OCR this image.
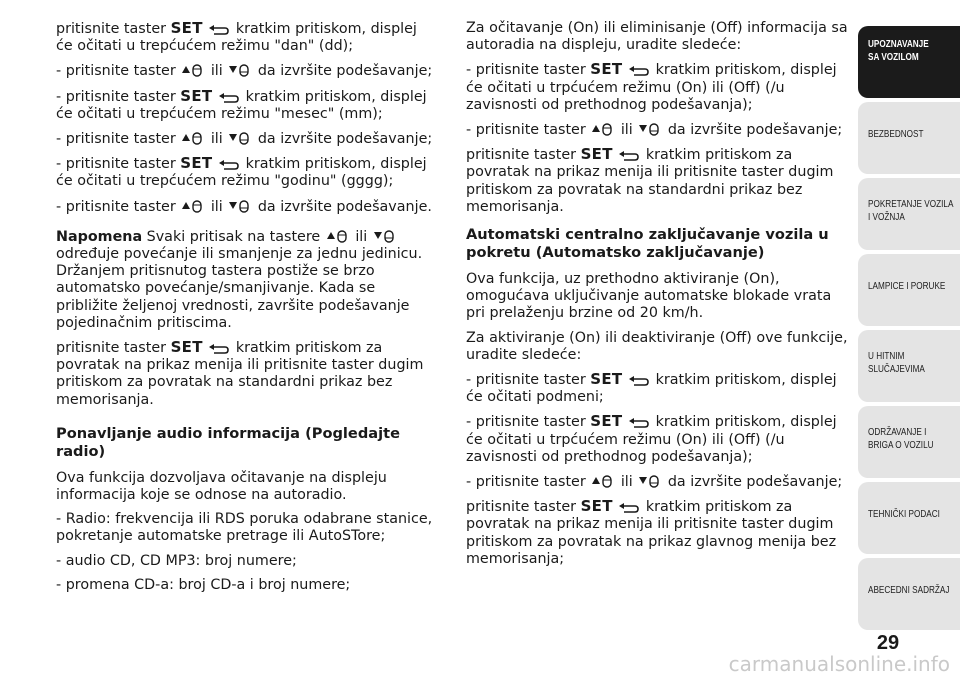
pritisnite taster SET kratkim pritiskom, displej će očitati u trepćućem režimu "dan" (dd);

- pritisnite taster ili da izvršite podešavanje;

- pritisnite taster SET kratkim pritiskom, displej će očitati u trepćućem režimu "mesec" (mm);

- pritisnite taster ili da izvršite podešavanje;

- pritisnite taster SET kratkim pritiskom, displej će očitati u trepćućem režimu "godinu" (gggg);

- pritisnite taster ili da izvršite podešavanje.

Napomena Svaki pritisak na tastere ili
određuje povećanje ili smanjenje za jednu jedinicu. Držanjem pritisnutog tastera postiže se brzo automatsko povećanje/smanjivanje. Kada se približite željenoj vrednosti, završite podešavanje pojedinačnim pritiscima.

pritisnite taster SET kratkim pritiskom za povratak na prikaz menija ili pritisnite taster dugim pritiskom za povratak na standardni prikaz bez memorisanja.

Ponavljanje audio informacija (Pogledajte radio)

Ova funkcija dozvoljava očitavanje na displeju informacija koje se odnose na autoradio.

- Radio: frekvencija ili RDS poruka odabrane stanice, pokretanje automatske pretrage ili AutoSTore;

- audio CD, CD MP3: broj numere;

- promena CD-a: broj CD-a i broj numere;

Za očitavanje (On) ili eliminisanje (Off) informacija sa autoradia na displeju, uradite sledeće:

- pritisnite taster SET kratkim pritiskom, displej će očitati u trpćućem režimu (On) ili (Off) (/u zavisnosti od prethodnog podešavanja);

- pritisnite taster ili da izvršite podešavanje;

pritisnite taster SET kratkim pritiskom za povratak na prikaz menija ili pritisnite taster dugim pritiskom za povratak na standardni prikaz bez memorisanja.

Automatski centralno zaključavanje vozila u pokretu (Automatsko zaključavanje)

Ova funkcija, uz prethodno aktiviranje (On), omogućava uključivanje automatske blokade vrata pri prelaženju brzine od 20 km/h.

Za aktiviranje (On) ili deaktiviranje (Off) ove funkcije, uradite sledeće:

- pritisnite taster SET kratkim pritiskom, displej će očitati podmeni;

- pritisnite taster SET kratkim pritiskom, displej će očitati u trpćućem režimu (On) ili (Off) (/u zavisnosti od prethodnog podešavanja);

- pritisnite taster ili da izvršite podešavanje;

pritisnite taster SET kratkim pritiskom za povratak na prikaz menija ili pritisnite taster dugim pritiskom za povratak na prikaz glavnog menija bez memorisanja;

UPOZNAVANJE
SA VOZILOM
BEZBEDNOST
POKRETANJE VOZILA
I VOŽNJA
LAMPICE I PORUKE
U HITNIM
SLUČAJEVIMA
ODRŽAVANJE I
BRIGA O VOZILU
TEHNIČKI PODACI
ABECEDNI SADRŽAJ
29
carmanualsonline.info
